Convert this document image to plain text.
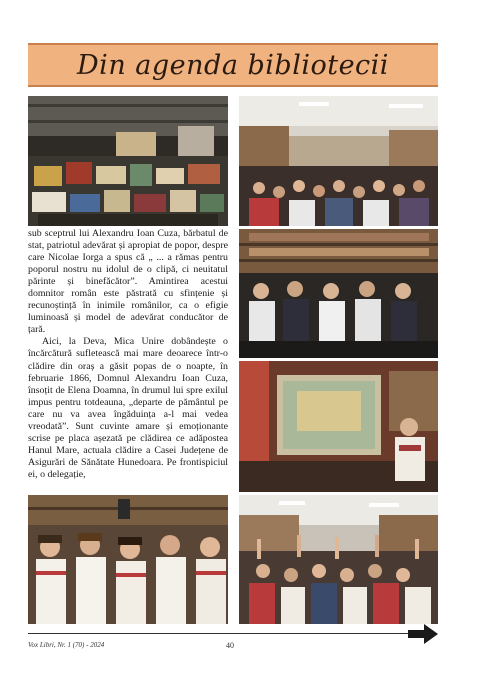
Din agenda bibliotecii

sub sceptrul lui Alexandru Ioan Cuza, bărbatul de stat, patriotul adevărat și apropiat de popor, despre care Nicolae Iorga a spus că „ ... a rămas pentru poporul nostru nu idolul de o clipă, ci neuitatul părinte și binefăcător”. Amintirea acestui domnitor român este păstrată cu sfințenie și recunoștință în inimile românilor, ca o efigie luminoasă și model de adevărat conducător de țară.

Aici, la Deva, Mica Unire dobândește o încărcătură sufletească mai mare deoarece într-o clădire din oraș a găsit popas de o noapte, în februarie 1866, Domnul Alexandru Ioan Cuza, însoțit de Elena Doamna, în drumul lui spre exilul impus pentru totdeauna, „departe de pământul pe care nu va avea îngăduința a-l mai vedea vreodată”. Sunt cuvinte amare și emoționante scrise pe placa așezată pe clădirea ce adăpostea Hanul Mare, actuala clădire a Casei Județene de Asigurări de Sănătate Hunedoara. Pe frontispiciul ei, o delegație,

Vox Libri, Nr. 1 (70) - 2024	40
